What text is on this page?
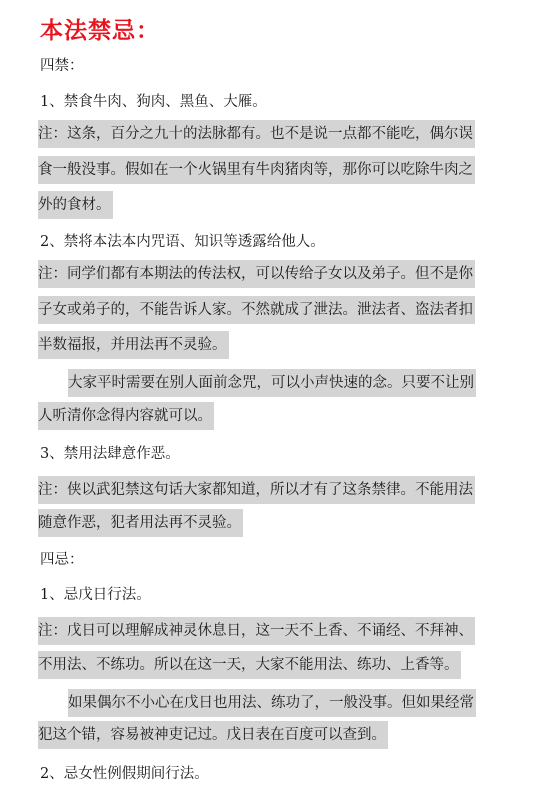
本法禁忌：
四禁：
1、禁食牛肉、狗肉、黑鱼、大雁。
注：这条，百分之九十的法脉都有。也不是说一点都不能吃，偶尔误
食一般没事。假如在一个火锅里有牛肉猪肉等，那你可以吃除牛肉之
外的食材。
2、禁将本法本内咒语、知识等透露给他人。
注：同学们都有本期法的传法权，可以传给子女以及弟子。但不是你
子女或弟子的，不能告诉人家。不然就成了泄法。泄法者、盗法者扣
半数福报，并用法再不灵验。
大家平时需要在别人面前念咒，可以小声快速的念。只要不让别
人听清你念得内容就可以。
3、禁用法肆意作恶。
注：侠以武犯禁这句话大家都知道，所以才有了这条禁律。不能用法
随意作恶，犯者用法再不灵验。
四忌：
1、忌戊日行法。
注：戊日可以理解成神灵休息日，这一天不上香、不诵经、不拜神、
不用法、不练功。所以在这一天，大家不能用法、练功、上香等。
如果偶尔不小心在戊日也用法、练功了，一般没事。但如果经常
犯这个错，容易被神吏记过。戊日表在百度可以查到。
2、忌女性例假期间行法。
